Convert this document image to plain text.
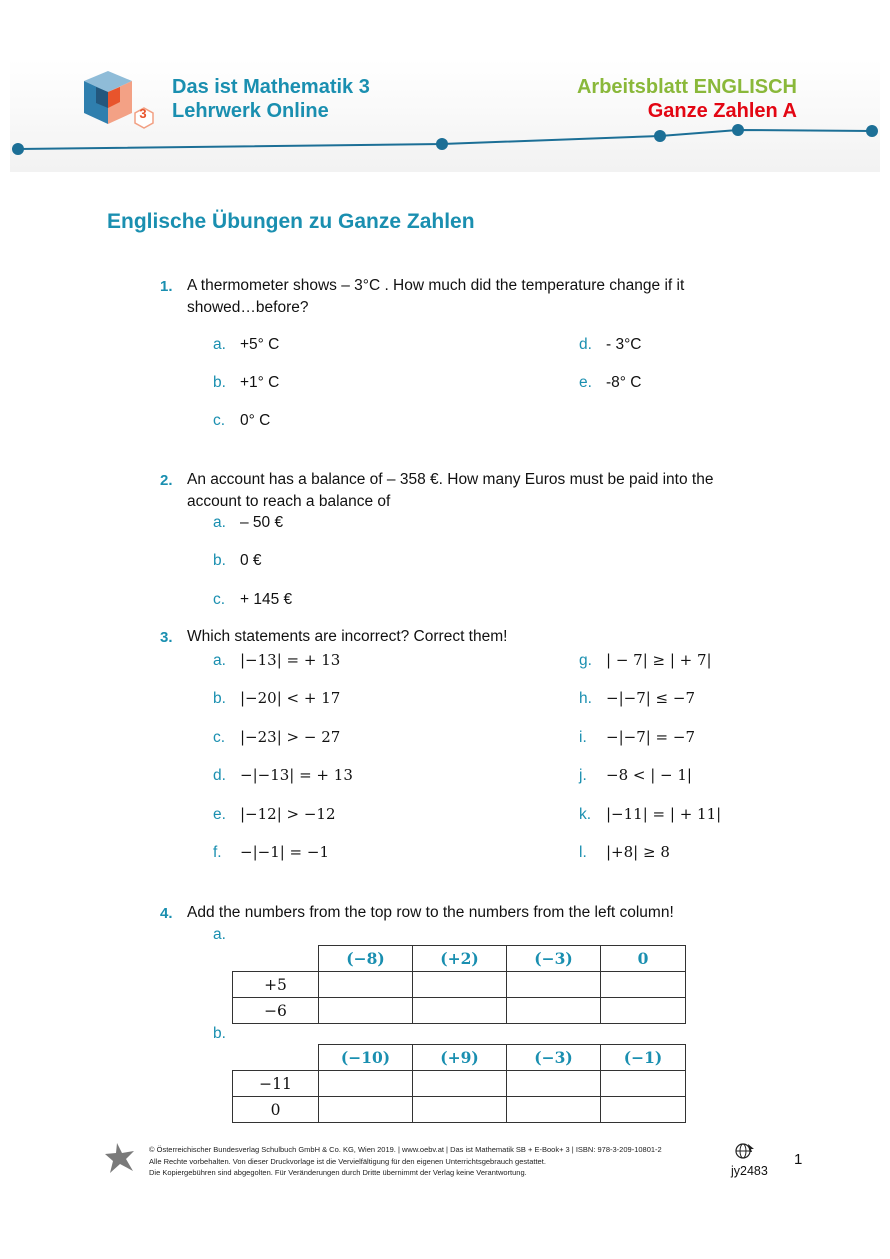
3
Das ist Mathematik 3
Lehrwerk Online
Arbeitsblatt ENGLISCH
Ganze Zahlen A
Englische Übungen zu Ganze Zahlen
1. A thermometer shows – 3°C . How much did the temperature change if it
showed…before?
a. +5° C
b. +1° C
c. 0° C
d. - 3°C
e. -8° C
2. An account has a balance of – 358 €. How many Euros must be paid into the
account to reach a balance of
a. – 50 €
b. 0 €
c. + 145 €
3. Which statements are incorrect? Correct them!
a. |−13| = + 13
b. |−20| < + 17
c. |−23| > − 27
d. −|−13| = + 13
e. |−12| > −12
f. −|−1| = −1
g. | − 7| ≥ | + 7|
h. −|−7| ≤ −7
i. −|−7| = −7
j. −8 < | − 1|
k. |−11| = | + 11|
l. |+8| ≥ 8
4. Add the numbers from the top row to the numbers from the left column!
a.
	(−8)	(+2)	(−3)	0
+5				
−6				
b.
	(−10)	(+9)	(−3)	(−1)
−11				
0				
© Österreichischer Bundesverlag Schulbuch GmbH & Co. KG, Wien 2019. | www.oebv.at | Das ist Mathematik SB + E-Book+ 3 | ISBN: 978-3-209-10801-2
Alle Rechte vorbehalten. Von dieser Druckvorlage ist die Vervielfältigung für den eigenen Unterrichtsgebrauch gestattet.
Die Kopiergebühren sind abgegolten. Für Veränderungen durch Dritte übernimmt der Verlag keine Verantwortung.	jy2483
1
